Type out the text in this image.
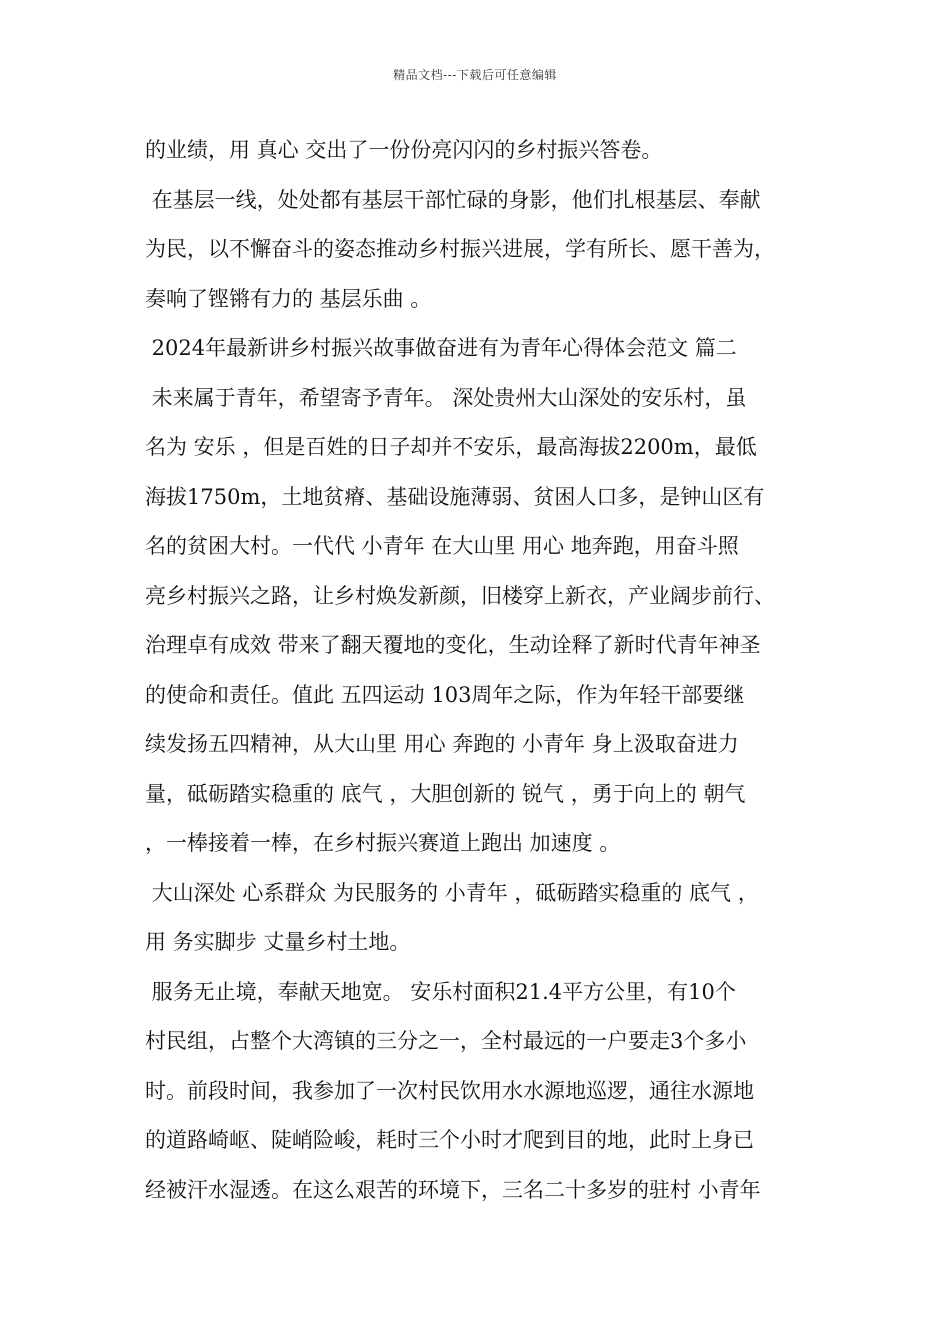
精品文档---下载后可任意编辑
的业绩，用 真心 交出了一份份亮闪闪的乡村振兴答卷。
在基层一线，处处都有基层干部忙碌的身影，他们扎根基层、奉献
为民，以不懈奋斗的姿态推动乡村振兴进展，学有所长、愿干善为，
奏响了铿锵有力的 基层乐曲 。
2024年最新讲乡村振兴故事做奋进有为青年心得体会范文 篇二
未来属于青年，希望寄予青年。 深处贵州大山深处的安乐村，虽
名为 安乐 ，但是百姓的日子却并不安乐，最高海拔2200m，最低
海拔1750m，土地贫瘠、基础设施薄弱、贫困人口多，是钟山区有
名的贫困大村。一代代 小青年 在大山里 用心 地奔跑，用奋斗照
亮乡村振兴之路，让乡村焕发新颜，旧楼穿上新衣，产业阔步前行、
治理卓有成效 带来了翻天覆地的变化，生动诠释了新时代青年神圣
的使命和责任。值此 五四运动 103周年之际，作为年轻干部要继
续发扬五四精神，从大山里 用心 奔跑的 小青年 身上汲取奋进力
量，砥砺踏实稳重的 底气 ，大胆创新的 锐气 ，勇于向上的 朝气
，一棒接着一棒，在乡村振兴赛道上跑出 加速度 。
大山深处 心系群众 为民服务的 小青年 ，砥砺踏实稳重的 底气 ，
用 务实脚步 丈量乡村土地。
服务无止境，奉献天地宽。 安乐村面积21.4平方公里，有10个
村民组，占整个大湾镇的三分之一，全村最远的一户要走3个多小
时。前段时间，我参加了一次村民饮用水水源地巡逻，通往水源地
的道路崎岖、陡峭险峻，耗时三个小时才爬到目的地，此时上身已
经被汗水湿透。在这么艰苦的环境下，三名二十多岁的驻村 小青年
